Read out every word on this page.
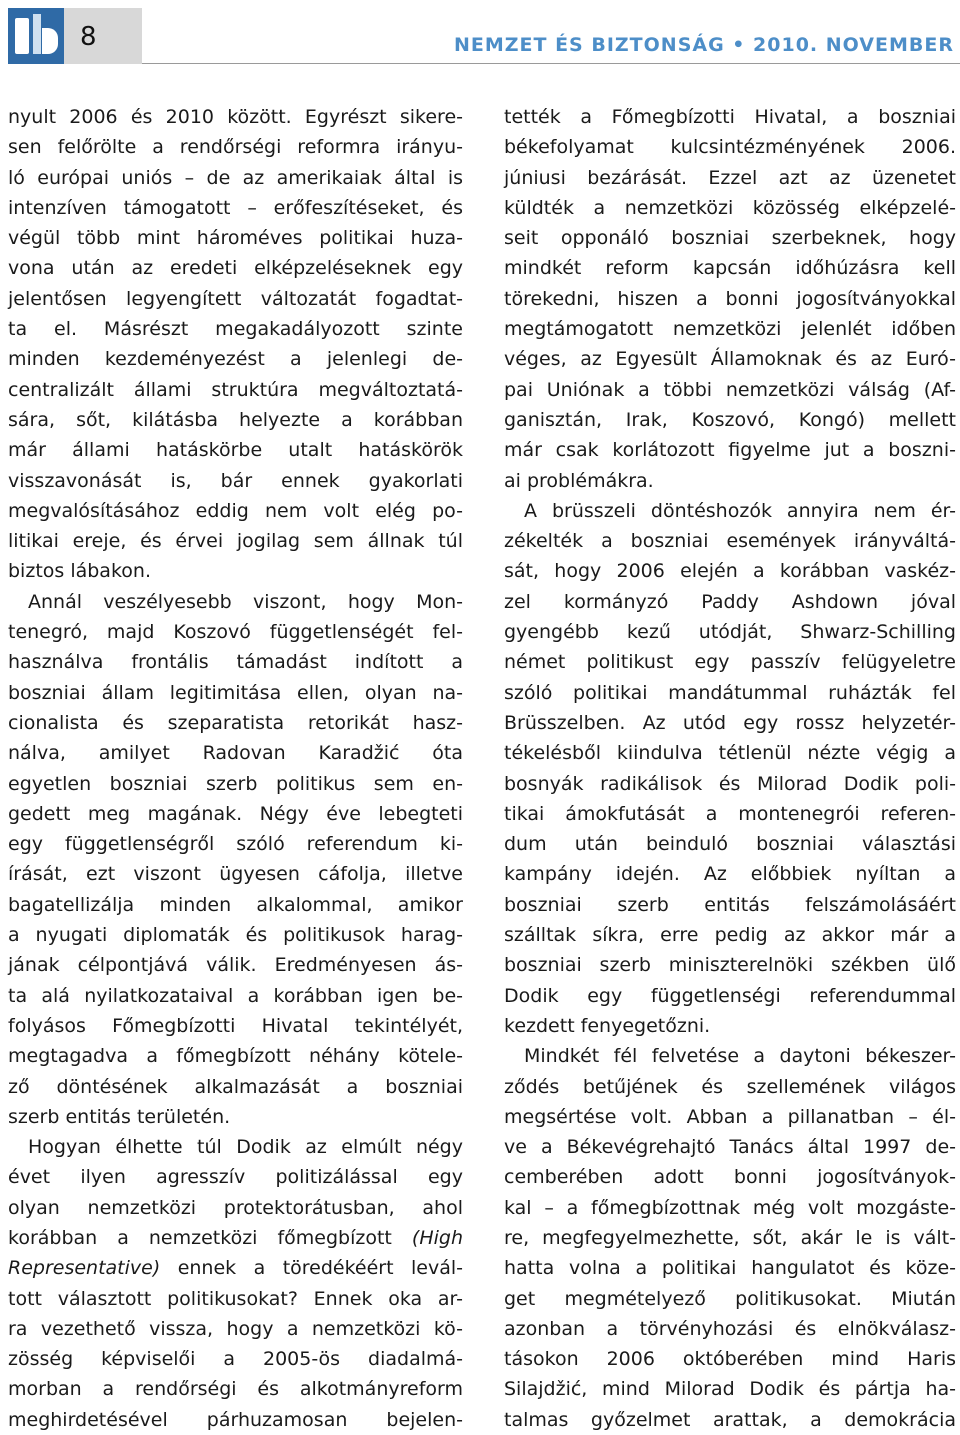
8	NEMZET ÉS BIZTONSÁG • 2010. NOVEMBER
nyult 2006 és 2010 között. Egyrészt sikere-
sen felőrölte a rendőrségi reformra irányu-
ló európai uniós – de az amerikaiak által is
intenzíven támogatott – erőfeszítéseket, és
végül több mint hároméves politikai huza-
vona után az eredeti elképzeléseknek egy
jelentősen legyengített változatát fogadtat-
ta el. Másrészt megakadályozott szinte
minden kezdeményezést a jelenlegi de-
centralizált állami struktúra megváltoztatá-
sára, sőt, kilátásba helyezte a korábban
már állami hatáskörbe utalt hatáskörök
visszavonását is, bár ennek gyakorlati
megvalósításához eddig nem volt elég po-
litikai ereje, és érvei jogilag sem állnak túl
biztos lábakon.
Annál veszélyesebb viszont, hogy Mon-
tenegró, majd Koszovó függetlenségét fel-
használva frontális támadást indított a
boszniai állam legitimitása ellen, olyan na-
cionalista és szeparatista retorikát hasz-
nálva, amilyet Radovan Karadžić óta
egyetlen boszniai szerb politikus sem en-
gedett meg magának. Négy éve lebegteti
egy függetlenségről szóló referendum ki-
írását, ezt viszont ügyesen cáfolja, illetve
bagatellizálja minden alkalommal, amikor
a nyugati diplomaták és politikusok harag-
jának célpontjává válik. Eredményesen ás-
ta alá nyilatkozataival a korábban igen be-
folyásos Főmegbízotti Hivatal tekintélyét,
megtagadva a főmegbízott néhány kötele-
ző döntésének alkalmazását a boszniai
szerb entitás területén.
Hogyan élhette túl Dodik az elmúlt négy
évet ilyen agresszív politizálással egy
olyan nemzetközi protektorátusban, ahol
korábban a nemzetközi főmegbízott (High
Representative) ennek a töredékéért levál-
tott választott politikusokat? Ennek oka ar-
ra vezethető vissza, hogy a nemzetközi kö-
zösség képviselői a 2005-ös diadalmá-
morban a rendőrségi és alkotmányreform
meghirdetésével párhuzamosan bejelen-
tették a Főmegbízotti Hivatal, a boszniai
békefolyamat kulcsintézményének 2006.
júniusi bezárását. Ezzel azt az üzenetet
küldték a nemzetközi közösség elképzelé-
seit opponáló boszniai szerbeknek, hogy
mindkét reform kapcsán időhúzásra kell
törekedni, hiszen a bonni jogosítványokkal
megtámogatott nemzetközi jelenlét időben
véges, az Egyesült Államoknak és az Euró-
pai Uniónak a többi nemzetközi válság (Af-
ganisztán, Irak, Koszovó, Kongó) mellett
már csak korlátozott figyelme jut a boszni-
ai problémákra.
A brüsszeli döntéshozók annyira nem ér-
zékelték a boszniai események irányváltá-
sát, hogy 2006 elején a korábban vaskéz-
zel kormányzó Paddy Ashdown jóval
gyengébb kezű utódját, Shwarz-Schilling
német politikust egy passzív felügyeletre
szóló politikai mandátummal ruházták fel
Brüsszelben. Az utód egy rossz helyzetér-
tékelésből kiindulva tétlenül nézte végig a
bosnyák radikálisok és Milorad Dodik poli-
tikai ámokfutását a montenegrói referen-
dum után beinduló boszniai választási
kampány idején. Az előbbiek nyíltan a
boszniai szerb entitás felszámolásáért
szálltak síkra, erre pedig az akkor már a
boszniai szerb miniszterelnöki székben ülő
Dodik egy függetlenségi referendummal
kezdett fenyegetőzni.
Mindkét fél felvetése a daytoni békeszer-
ződés betűjének és szellemének világos
megsértése volt. Abban a pillanatban – él-
ve a Békevégrehajtó Tanács által 1997 de-
cemberében adott bonni jogosítványok-
kal – a főmegbízottnak még volt mozgáste-
re, megfegyelmezhette, sőt, akár le is vált-
hatta volna a politikai hangulatot és köze-
get megmételyező politikusokat. Miután
azonban a törvényhozási és elnökválasz-
tásokon 2006 októberében mind Haris
Silajdžić, mind Milorad Dodik és pártja ha-
talmas győzelmet arattak, a demokrácia
